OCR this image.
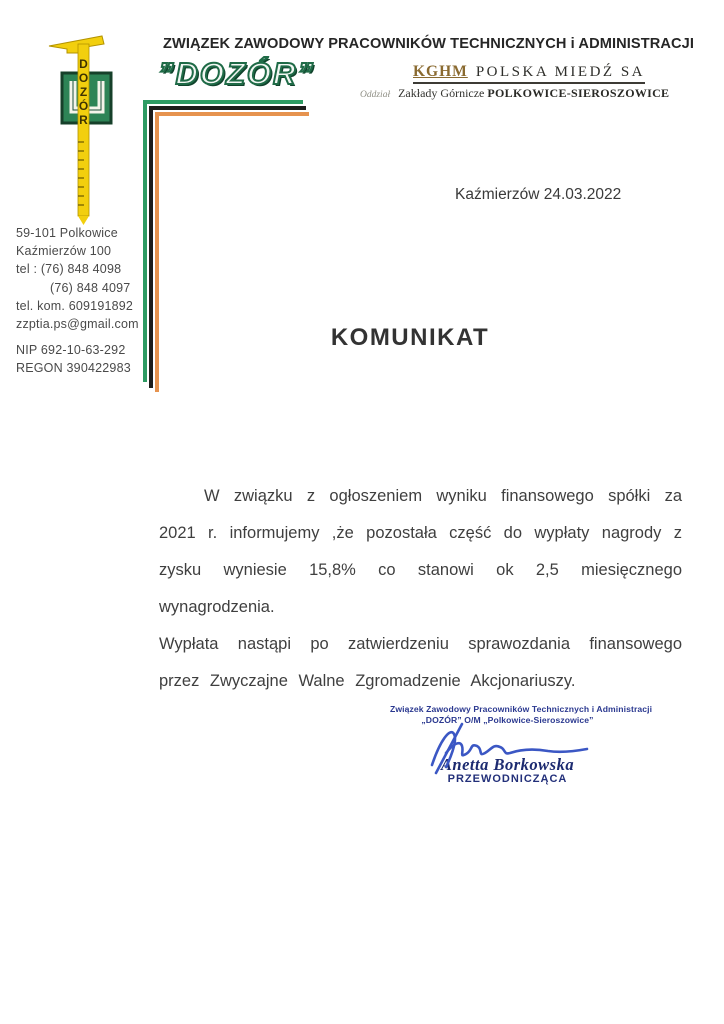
D
O
Z
Ó
R
ZWIĄZEK ZAWODOWY PRACOWNIKÓW TECHNICZNYCH i ADMINISTRACJI
”DOZÓR”	KGHM POLSKA MIEDŹ SA
Oddział Zakłady Górnicze POLKOWICE-SIEROSZOWICE
59-101 Polkowice
Kaźmierzów 100
tel : (76) 848 4098
(76) 848 4097
tel. kom. 609191892
zzptia.ps@gmail.com
NIP 692-10-63-292
REGON 390422983
Kaźmierzów 24.03.2022
KOMUNIKAT

W związku z ogłoszeniem wyniku finansowego spółki za 2021 r. informujemy ,że pozostała część do wypłaty nagrody z zysku wyniesie 15,8% co stanowi ok 2,5 miesięcznego wynagrodzenia.

Wypłata nastąpi po zatwierdzeniu sprawozdania finansowego przez Zwyczajne Walne Zgromadzenie Akcjonariuszy.

Związek Zawodowy Pracowników Technicznych i Administracji
„DOZÓR” O/M „Polkowice-Sieroszowice”
Anetta Borkowska
PRZEWODNICZĄCA
